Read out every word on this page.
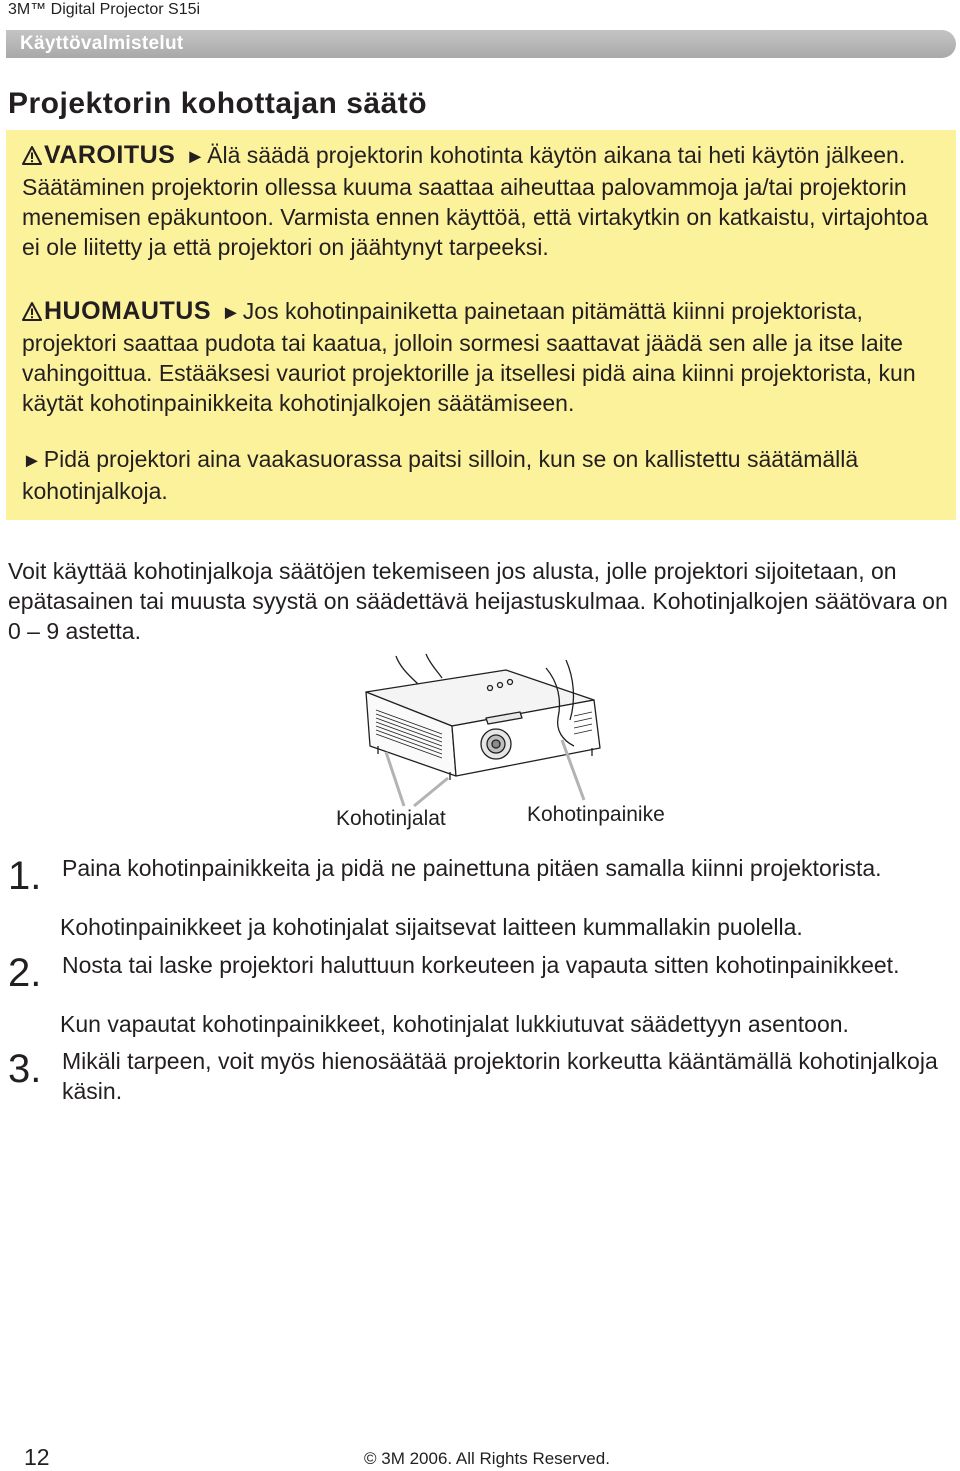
3M™ Digital Projector S15i
Käyttövalmistelut
Projektorin kohottajan säätö

VAROITUS ►Älä säädä projektorin kohotinta käytön aikana tai heti käytön jälkeen. Säätäminen projektorin ollessa kuuma saattaa aiheuttaa palovammoja ja/tai projektorin menemisen epäkuntoon. Varmista ennen käyttöä, että virtakytkin on katkaistu, virtajohtoa ei ole liitetty ja että projektori on jäähtynyt tarpeeksi.

HUOMAUTUS ►Jos kohotinpainiketta painetaan pitämättä kiinni projektorista, projektori saattaa pudota tai kaatua, jolloin sormesi saattavat jäädä sen alle ja itse laite vahingoittua. Estääksesi vauriot projektorille ja itsellesi pidä aina kiinni projektorista, kun käytät kohotinpainikkeita kohotinjalkojen säätämiseen.

►Pidä projektori aina vaakasuorassa paitsi silloin, kun se on kallistettu säätämällä kohotinjalkoja.

Voit käyttää kohotinjalkoja säätöjen tekemiseen jos alusta, jolle projektori sijoitetaan, on epätasainen tai muusta syystä on säädettävä heijastuskulmaa. Kohotinjalkojen säätövara on 0 – 9 astetta.

Kohotinjalat	Kohotinpainike
1. Paina kohotinpainikkeita ja pidä ne painettuna pitäen samalla kiinni projektorista.

Kohotinpainikkeet ja kohotinjalat sijaitsevat laitteen kummallakin puolella.

2. Nosta tai laske projektori haluttuun korkeuteen ja vapauta sitten kohotinpainikkeet.

Kun vapautat kohotinpainikkeet, kohotinjalat lukkiutuvat säädettyyn asentoon.

3. Mikäli tarpeen, voit myös hienosäätää projektorin korkeutta kääntämällä kohotinjalkoja käsin.

12	© 3M 2006. All Rights Reserved.
